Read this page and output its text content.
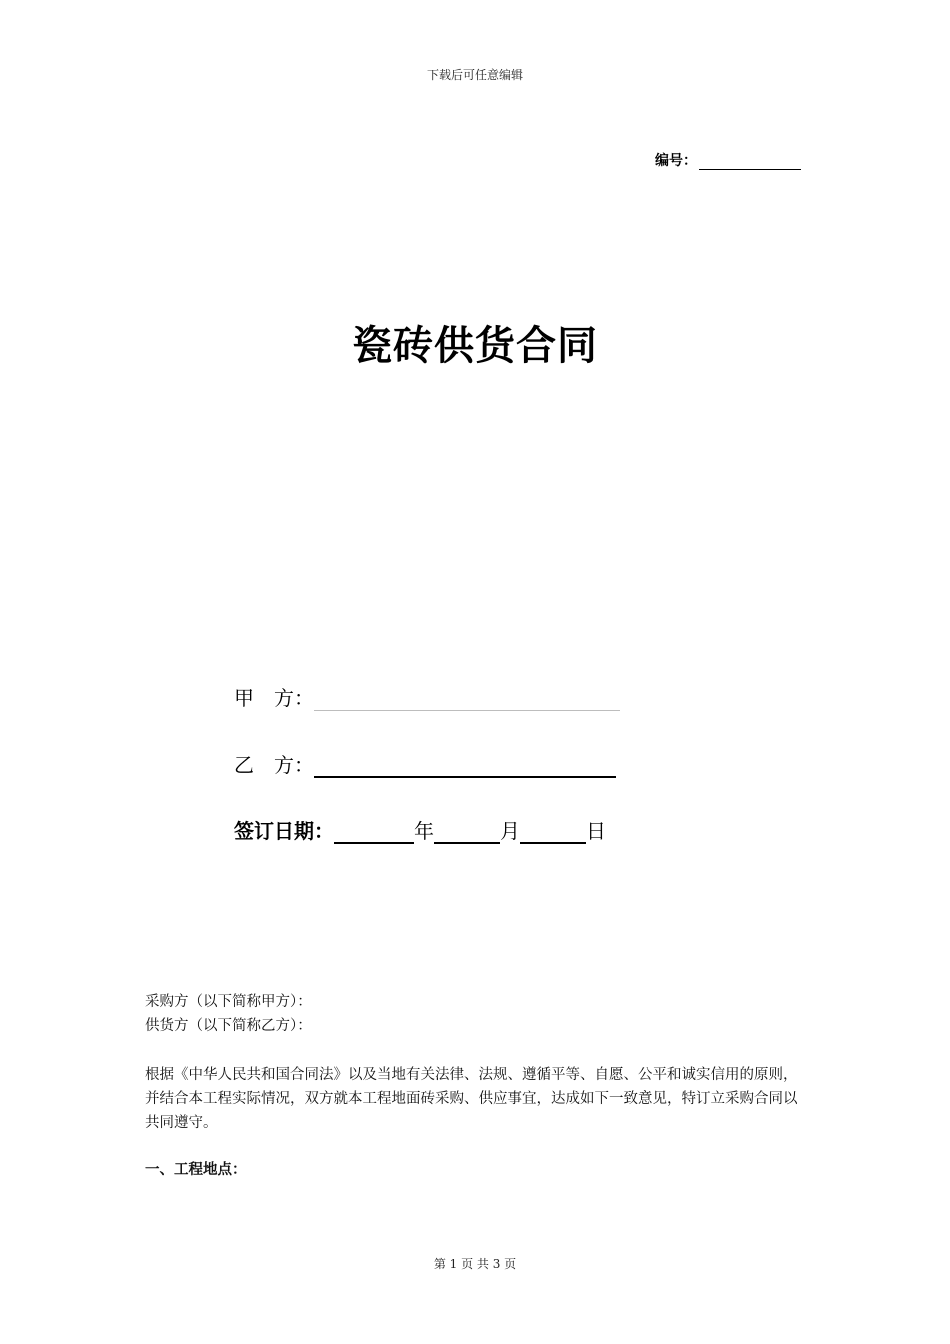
下载后可任意编辑
编号：
瓷砖供货合同
甲　方：
乙　方：
签订日期：	年	月	日
采购方（以下简称甲方）：
供货方（以下简称乙方）：
根据《中华人民共和国合同法》以及当地有关法律、法规、遵循平等、自愿、公平和诚实信用的原则，并结合本工程实际情况，双方就本工程地面砖采购、供应事宜，达成如下一致意见，特订立采购合同以共同遵守。
一、工程地点：
第 1 页 共 3 页
